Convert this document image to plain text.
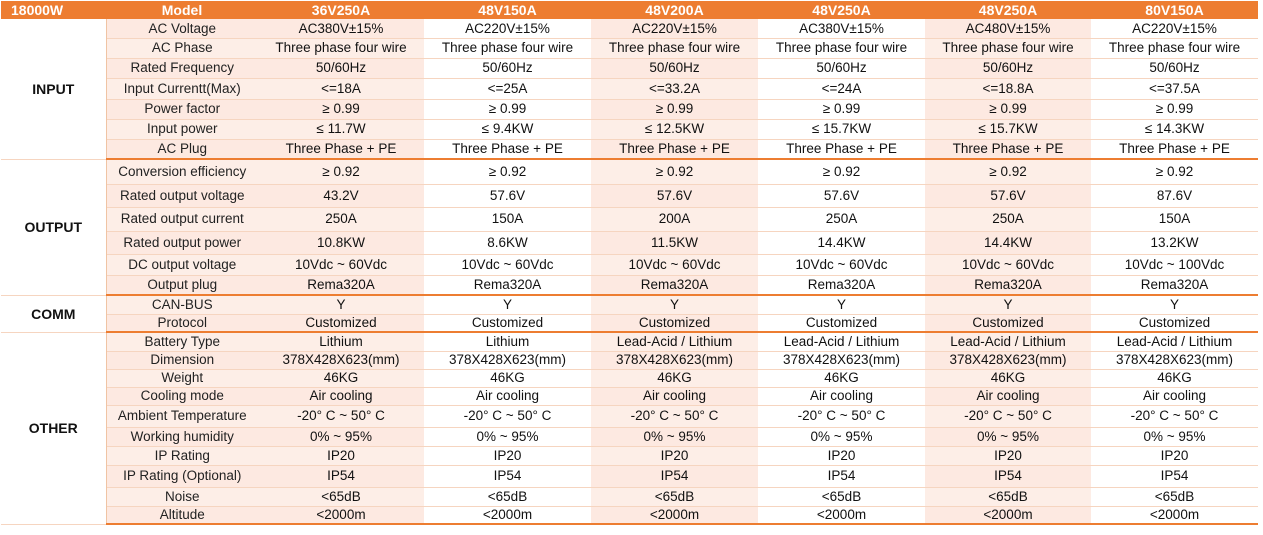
18000W	Model	36V250A	48V150A	48V200A	48V250A	48V250A	80V150A
INPUT	AC Voltage	AC380V±15%	AC220V±15%	AC220V±15%	AC380V±15%	AC480V±15%	AC220V±15%
	AC Phase	Three phase four wire	Three phase four wire	Three phase four wire	Three phase four wire	Three phase four wire	Three phase four wire
	Rated Frequency	50/60Hz	50/60Hz	50/60Hz	50/60Hz	50/60Hz	50/60Hz
	Input Currentt(Max)	<=18A	<=25A	<=33.2A	<=24A	<=18.8A	<=37.5A
	Power factor	≥ 0.99	≥ 0.99	≥ 0.99	≥ 0.99	≥ 0.99	≥ 0.99
	Input power	≤ 11.7W	≤ 9.4KW	≤ 12.5KW	≤ 15.7KW	≤ 15.7KW	≤ 14.3KW
	AC Plug	Three Phase + PE	Three Phase + PE	Three Phase + PE	Three Phase + PE	Three Phase + PE	Three Phase + PE
OUTPUT	Conversion efficiency	≥ 0.92	≥ 0.92	≥ 0.92	≥ 0.92	≥ 0.92	≥ 0.92
	Rated output voltage	43.2V	57.6V	57.6V	57.6V	57.6V	87.6V
	Rated output current	250A	150A	200A	250A	250A	150A
	Rated output power	10.8KW	8.6KW	11.5KW	14.4KW	14.4KW	13.2KW
	DC output voltage	10Vdc ~ 60Vdc	10Vdc ~ 60Vdc	10Vdc ~ 60Vdc	10Vdc ~ 60Vdc	10Vdc ~ 60Vdc	10Vdc ~ 100Vdc
	Output plug	Rema320A	Rema320A	Rema320A	Rema320A	Rema320A	Rema320A
COMM	CAN-BUS	Y	Y	Y	Y	Y	Y
	Protocol	Customized	Customized	Customized	Customized	Customized	Customized
OTHER	Battery Type	Lithium	Lithium	Lead-Acid / Lithium	Lead-Acid / Lithium	Lead-Acid / Lithium	Lead-Acid / Lithium
	Dimension	378X428X623(mm)	378X428X623(mm)	378X428X623(mm)	378X428X623(mm)	378X428X623(mm)	378X428X623(mm)
	Weight	46KG	46KG	46KG	46KG	46KG	46KG
	Cooling mode	Air cooling	Air cooling	Air cooling	Air cooling	Air cooling	Air cooling
	Ambient Temperature	-20° C ~ 50° C	-20° C ~ 50° C	-20° C ~ 50° C	-20° C ~ 50° C	-20° C ~ 50° C	-20° C ~ 50° C
	Working humidity	0% ~ 95%	0% ~ 95%	0% ~ 95%	0% ~ 95%	0% ~ 95%	0% ~ 95%
	IP Rating	IP20	IP20	IP20	IP20	IP20	IP20
	IP Rating (Optional)	IP54	IP54	IP54	IP54	IP54	IP54
	Noise	<65dB	<65dB	<65dB	<65dB	<65dB	<65dB
	Altitude	<2000m	<2000m	<2000m	<2000m	<2000m	<2000m
